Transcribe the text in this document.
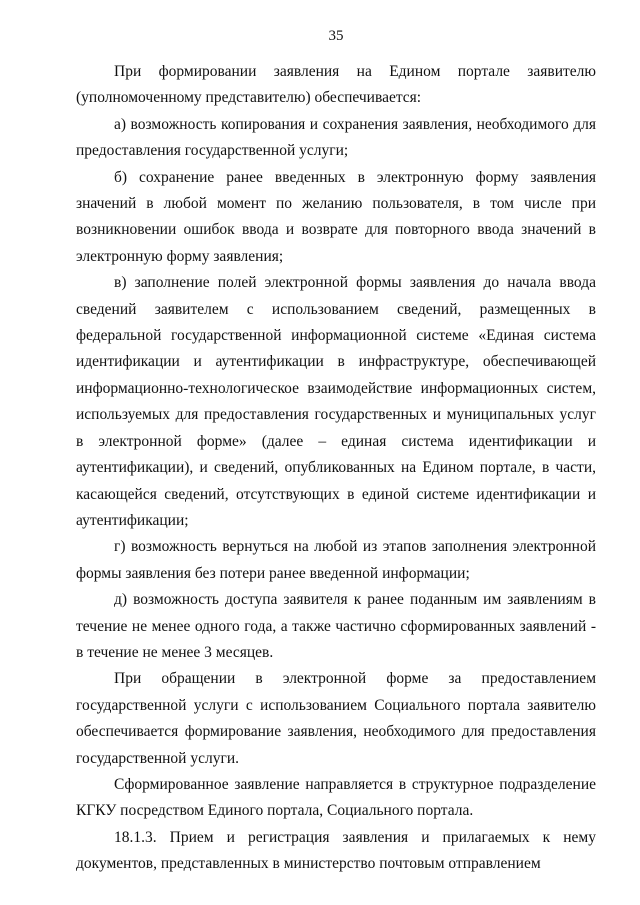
35

При формировании заявления на Едином портале заявителю (уполномоченному представителю) обеспечивается:

а) возможность копирования и сохранения заявления, необходимого для предоставления государственной услуги;

б) сохранение ранее введенных в электронную форму заявления значений в любой момент по желанию пользователя, в том числе при возникновении ошибок ввода и возврате для повторного ввода значений в электронную форму заявления;

в) заполнение полей электронной формы заявления до начала ввода сведений заявителем с использованием сведений, размещенных в федеральной государственной информационной системе «Единая система идентификации и аутентификации в инфраструктуре, обеспечивающей информационно-технологическое взаимодействие информационных систем, используемых для предоставления государственных и муниципальных услуг в электронной форме» (далее – единая система идентификации и аутентификации), и сведений, опубликованных на Едином портале, в части, касающейся сведений, отсутствующих в единой системе идентификации и аутентификации;

г) возможность вернуться на любой из этапов заполнения электронной формы заявления без потери ранее введенной информации;

д) возможность доступа заявителя к ранее поданным им заявлениям в течение не менее одного года, а также частично сформированных заявлений - в течение не менее 3 месяцев.

При обращении в электронной форме за предоставлением государственной услуги с использованием Социального портала заявителю обеспечивается формирование заявления, необходимого для предоставления государственной услуги.

Сформированное заявление направляется в структурное подразделение КГКУ посредством Единого портала, Социального портала.

18.1.3. Прием и регистрация заявления и прилагаемых к нему документов, представленных в министерство почтовым отправлением
